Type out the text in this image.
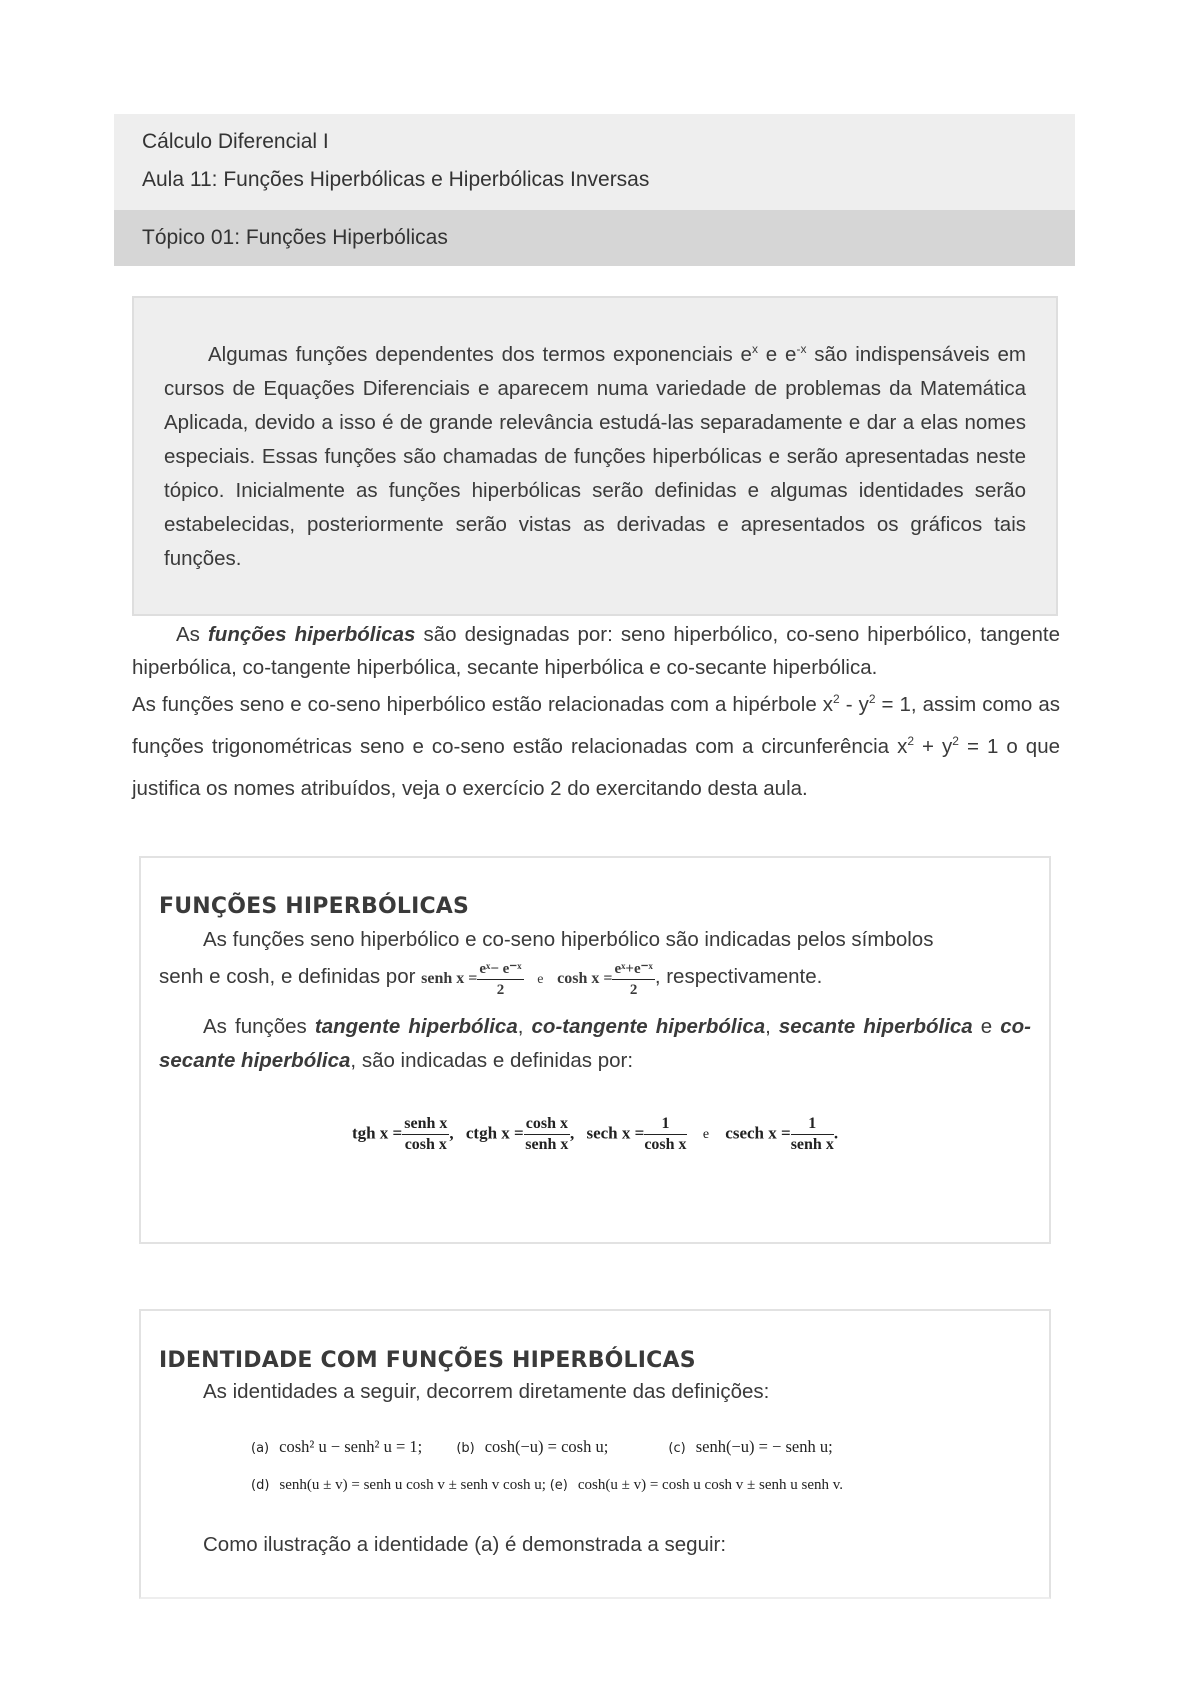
Cálculo Diferencial I
Aula 11: Funções Hiperbólicas e Hiperbólicas Inversas
Tópico 01: Funções Hiperbólicas
Algumas funções dependentes dos termos exponenciais $e^x$ e $e^{-x}$ são indispensáveis em cursos de Equações Diferenciais e aparecem numa variedade de problemas da Matemática Aplicada, devido a isso é de grande relevância estudá-las separadamente e dar a elas nomes especiais. Essas funções são chamadas de funções hiperbólicas e serão apresentadas neste tópico. Inicialmente as funções hiperbólicas serão definidas e algumas identidades serão estabelecidas, posteriormente serão vistas as derivadas e apresentados os gráficos tais funções.
As funções hiperbólicas são designadas por: seno hiperbólico, co-seno hiperbólico, tangente hiperbólica, co-tangente hiperbólica, secante hiperbólica e co-secante hiperbólica.
As funções seno e co-seno hiperbólico estão relacionadas com a hipérbole $x^2 - y^2 = 1$, assim como as funções trigonométricas seno e co-seno estão relacionadas com a circunferência $x^2 + y^2 = 1$ o que justifica os nomes atribuídos, veja o exercício 2 do exercitando desta aula.
FUNÇÕES HIPERBÓLICAS
As funções seno hiperbólico e co-seno hiperbólico são indicadas pelos símbolos
senh e cosh, e definidas por senh $x = \frac{\text{eˣ− e⁻ˣ}}{2}$ e $\cosh x = \frac{\text{eˣ+e⁻ˣ}}{2}$ , respectivamente.
As funções tangente hiperbólica, co-tangente hiperbólica, secante hiperbólica e co-secante hiperbólica, são indicadas e definidas por:
tgh $x = \frac{\text{senh x}}{\text{cosh x}}$ , ctgh $x = \frac{\text{cosh x}}{\text{senh x}}$ , sech $x = \frac{1}{\text{cosh x}}$ e csech $x = \frac{1}{\text{senh x}}$ .
IDENTIDADE COM FUNÇÕES HIPERBÓLICAS
As identidades a seguir, decorrem diretamente das definições:
(a) cosh² u − senh² u = 1;	(b) cosh(−u) = cosh u;	(c) senh(−u) = − senh u;
(d) senh(u ± v) = senh u cosh v ± senh v cosh u; (e) cosh(u ± v) = cosh u cosh v ± senh u senh v.
Como ilustração a identidade (a) é demonstrada a seguir:
